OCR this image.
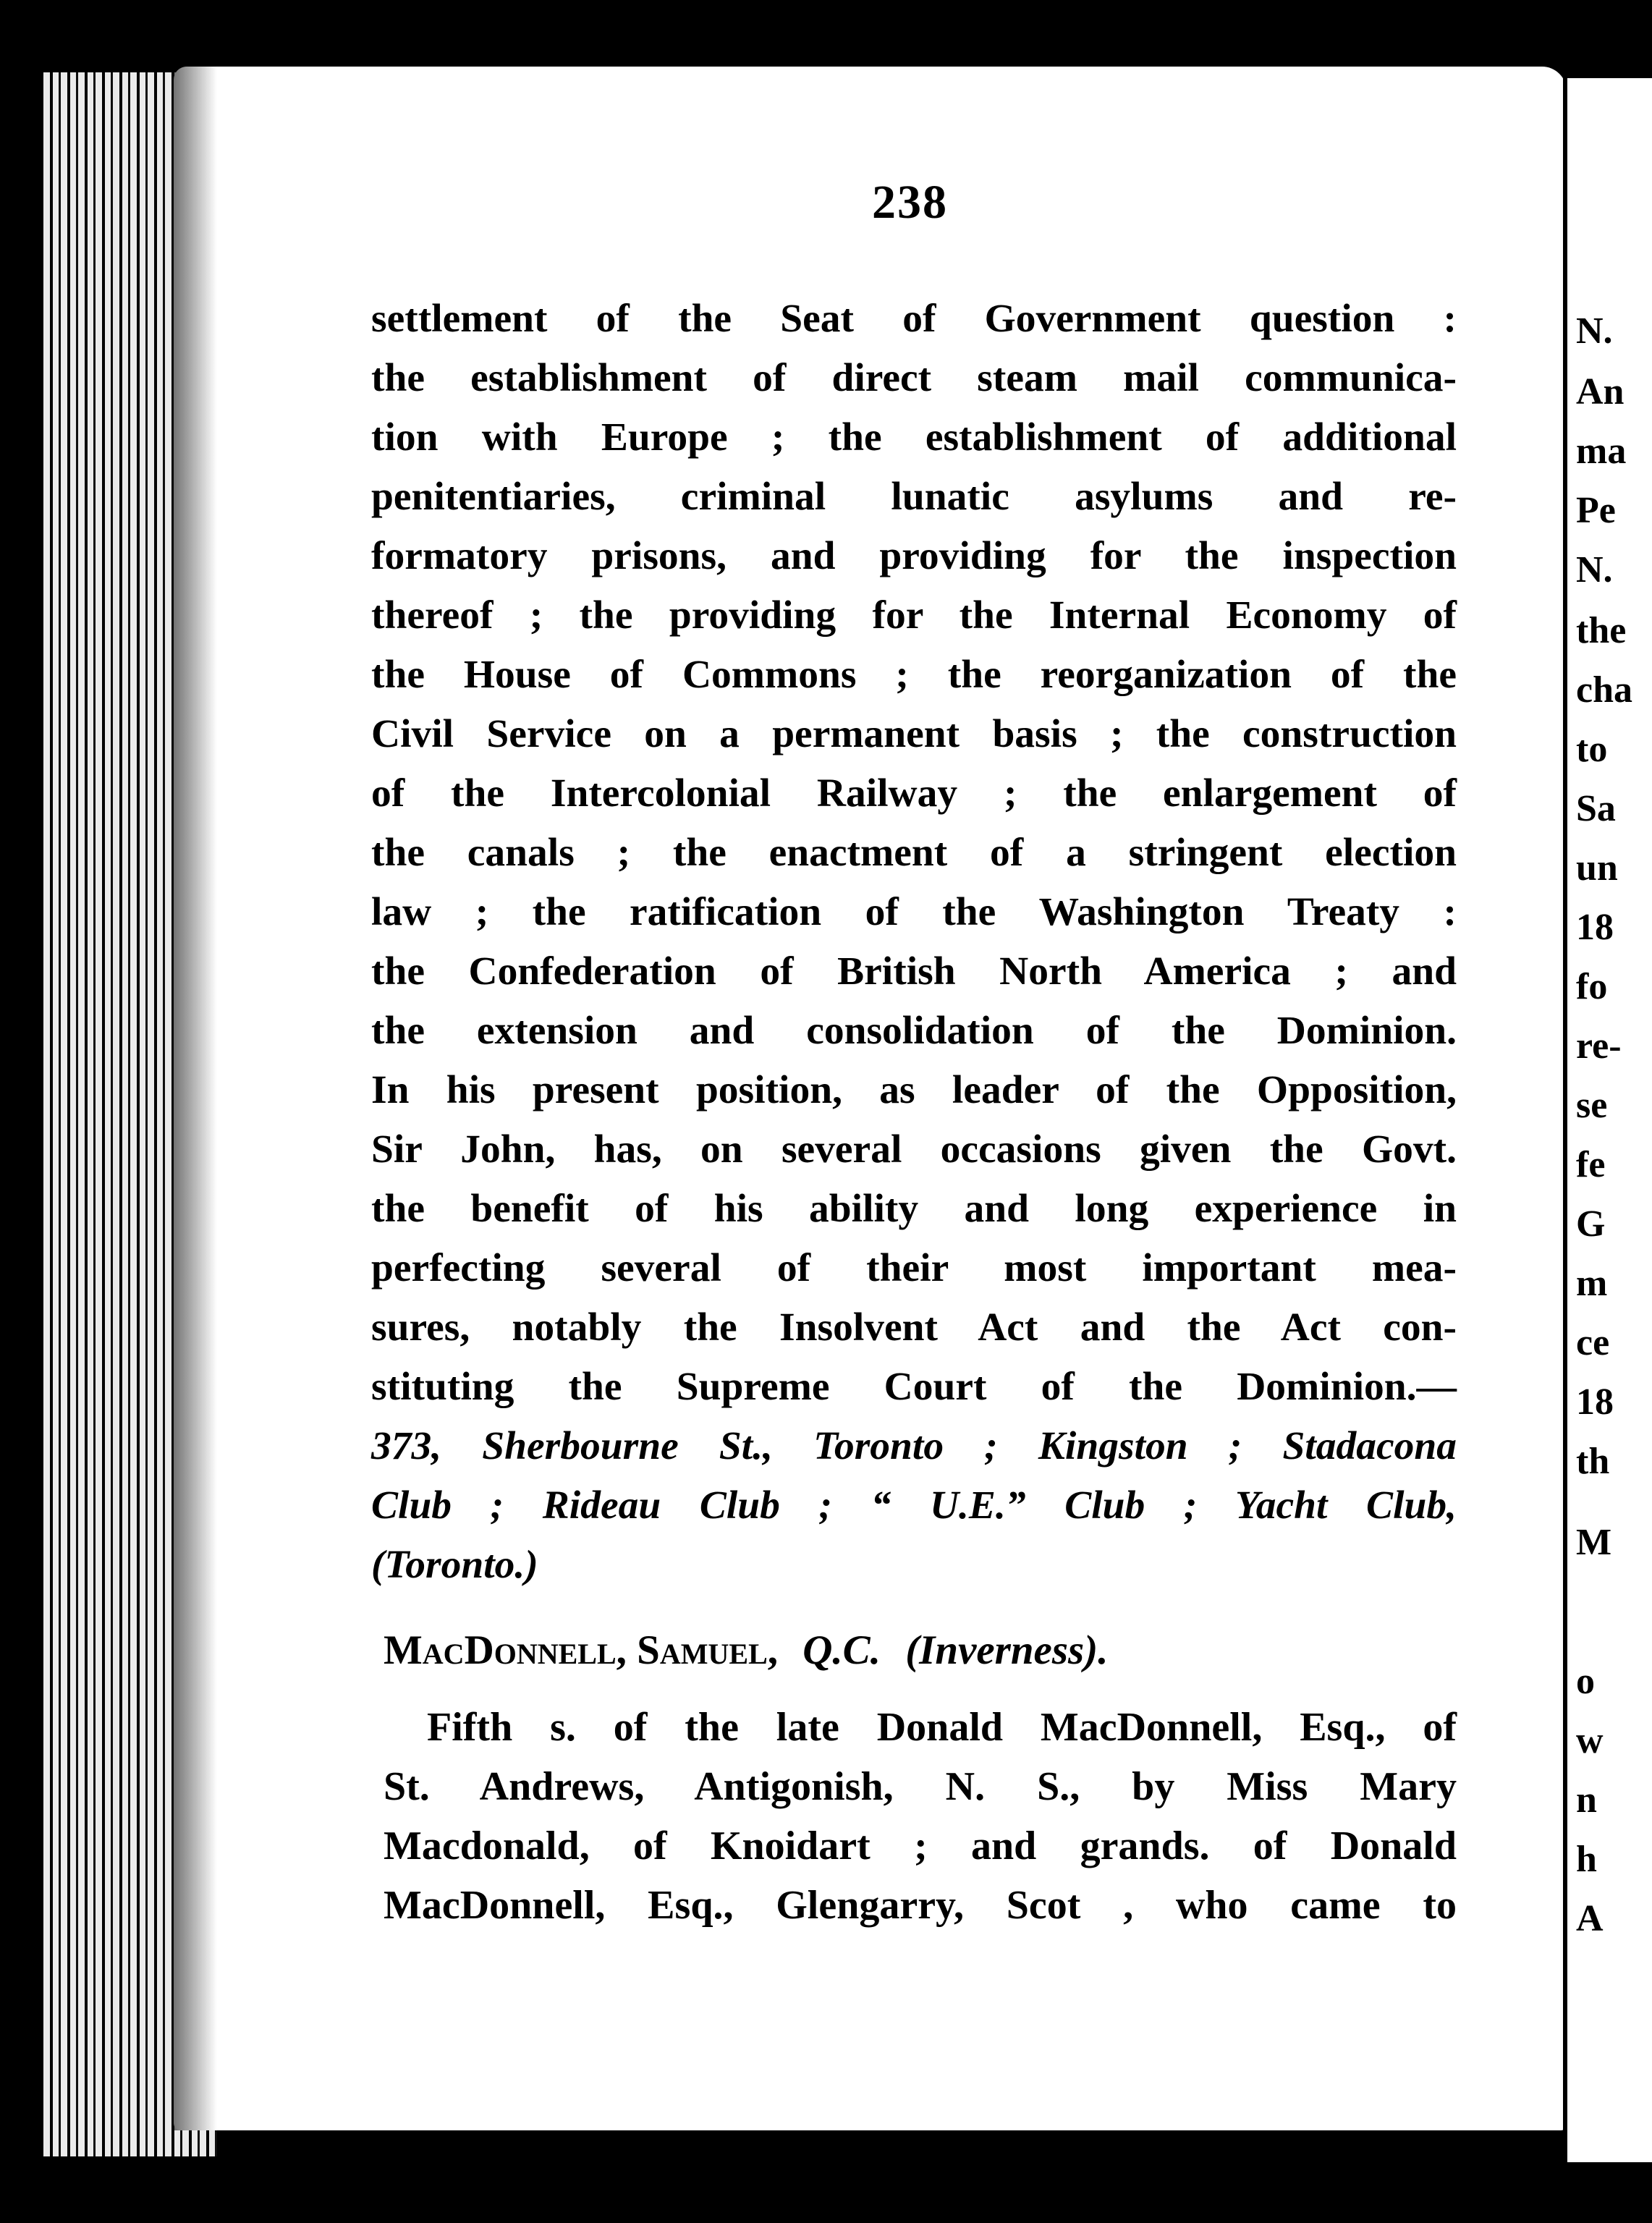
N.
An
ma
Pe
N.
the
cha
to
Sa
un
18
fo
re-
se
fe
G
m
ce
18
th
M
o
w
n
h
A
238
settlement of the Seat of Government question :
the establishment of direct steam mail communica-
tion with Europe ; the establishment of additional
penitentiaries, criminal lunatic asylums and re-
formatory prisons, and providing for the inspection
thereof ; the providing for the Internal Economy of
the House of Commons ; the reorganization of the
Civil Service on a permanent basis ; the construction
of the Intercolonial Railway ; the enlargement of
the canals ; the enactment of a stringent election
law ; the ratification of the Washington Treaty :
the Confederation of British North America ; and
the extension and consolidation of the Dominion.
In his present position, as leader of the Opposition,
Sir John, has, on several occasions given the Govt.
the benefit of his ability and long experience in
perfecting several of their most important mea-
sures, notably the Insolvent Act and the Act con-
stituting the Supreme Court of the Dominion.—
373, Sherbourne St., Toronto ; Kingston ; Stadacona
Club ; Rideau Club ; “ U.E.” Club ; Yacht Club,
(Toronto.)
MacDonnell, Samuel, Q.C. (Inverness).
Fifth s. of the late Donald MacDonnell, Esq., of
St. Andrews, Antigonish, N. S., by Miss Mary
Macdonald, of Knoidart ; and grands. of Donald
MacDonnell, Esq., Glengarry, Scot , who came to
